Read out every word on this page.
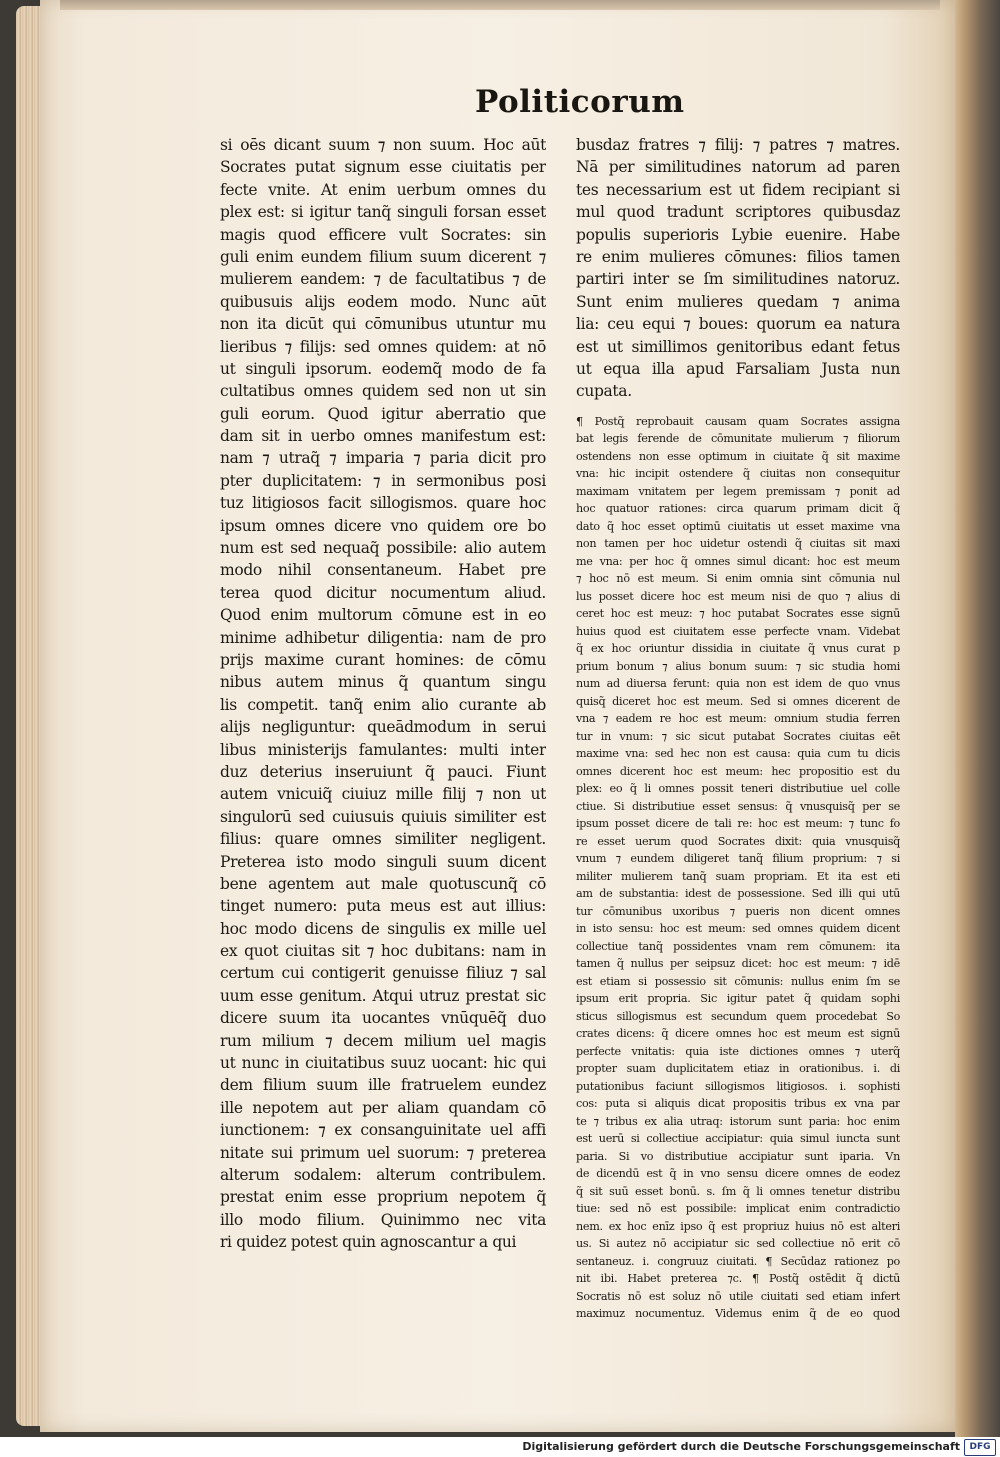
Politicorum
si oēs dicant suum ⁊ non suum. Hoc aūt
Socrates putat signum esse ciuitatis per
fecte vnite. At enim uerbum omnes du
plex est: si igitur tanq̃ singuli forsan esset
magis quod efficere vult Socrates: sin
guli enim eundem filium suum dicerent ⁊
mulierem eandem: ⁊ de facultatibus ⁊ de
quibusuis alijs eodem modo. Nunc aūt
non ita dicūt qui cōmunibus utuntur mu
lieribus ⁊ filijs: sed omnes quidem: at nō
ut singuli ipsorum. eodemq̃ modo de fa
cultatibus omnes quidem sed non ut sin
guli eorum. Quod igitur aberratio que
dam sit in uerbo omnes manifestum est:
nam ⁊ utraq̃ ⁊ imparia ⁊ paria dicit pro
pter duplicitatem: ⁊ in sermonibus posi
tuz litigiosos facit sillogismos. quare hoc
ipsum omnes dicere vno quidem ore bo
num est sed nequaq̃ possibile: alio autem
modo nihil consentaneum. Habet pre
terea quod dicitur nocumentum aliud.
Quod enim multorum cōmune est in eo
minime adhibetur diligentia: nam de pro
prijs maxime curant homines: de cōmu
nibus autem minus q̃ quantum singu
lis competit. tanq̃ enim alio curante ab
alijs negliguntur: queādmodum in serui
libus ministerijs famulantes: multi inter
duz deterius inseruiunt q̃ pauci. Fiunt
autem vnicuiq̃ ciuiuz mille filij ⁊ non ut
singulorū sed cuiusuis quiuis similiter est
filius: quare omnes similiter negligent.
Preterea isto modo singuli suum dicent
bene agentem aut male quotuscunq̃ cō
tinget numero: puta meus est aut illius:
hoc modo dicens de singulis ex mille uel
ex quot ciuitas sit ⁊ hoc dubitans: nam in
certum cui contigerit genuisse filiuz ⁊ sal
uum esse genitum. Atqui utruz prestat sic
dicere suum ita uocantes vnūquēq̃ duo
rum milium ⁊ decem milium uel magis
ut nunc in ciuitatibus suuz uocant: hic qui
dem filium suum ille fratruelem eundez
ille nepotem aut per aliam quandam cō
iunctionem: ⁊ ex consanguinitate uel affi
nitate sui primum uel suorum: ⁊ preterea
alterum sodalem: alterum contribulem.
prestat enim esse proprium nepotem q̃
illo modo filium. Quinimmo nec vita
ri quidez potest quin agnoscantur a qui
busdaz fratres ⁊ filij: ⁊ patres ⁊ matres.
Nā per similitudines natorum ad paren
tes necessarium est ut fidem recipiant si
mul quod tradunt scriptores quibusdaz
populis superioris Lybie euenire. Habe
re enim mulieres cōmunes: filios tamen
partiri inter se ſm similitudines natoruz.
Sunt enim mulieres quedam ⁊ anima
lia: ceu equi ⁊ boues: quorum ea natura
est ut simillimos genitoribus edant fetus
ut equa illa apud Farsaliam Justa nun
cupata.
¶ Postq̃ reprobauit causam quam Socrates assigna
bat legis ferende de cōmunitate mulierum ⁊ filiorum
ostendens non esse optimum in ciuitate q̃ sit maxime
vna: hic incipit ostendere q̃ ciuitas non consequitur
maximam vnitatem per legem premissam ⁊ ponit ad
hoc quatuor rationes: circa quarum primam dicit q̃
dato q̃ hoc esset optimū ciuitatis ut esset maxime vna
non tamen per hoc uidetur ostendi q̃ ciuitas sit maxi
me vna: per hoc q̃ omnes simul dicant: hoc est meum
⁊ hoc nō est meum. Si enim omnia sint cōmunia nul
lus posset dicere hoc est meum nisi de quo ⁊ alius di
ceret hoc est meuz: ⁊ hoc putabat Socrates esse signū
huius quod est ciuitatem esse perfecte vnam. Videbat
q̃ ex hoc oriuntur dissidia in ciuitate q̃ vnus curat p
prium bonum ⁊ alius bonum suum: ⁊ sic studia homi
num ad diuersa ferunt: quia non est idem de quo vnus
quisq̃ diceret hoc est meum. Sed si omnes dicerent de
vna ⁊ eadem re hoc est meum: omnium studia ferren
tur in vnum: ⁊ sic sicut putabat Socrates ciuitas eēt
maxime vna: sed hec non est causa: quia cum tu dicis
omnes dicerent hoc est meum: hec propositio est du
plex: eo q̃ li omnes possit teneri distributiue uel colle
ctiue. Si distributiue esset sensus: q̃ vnusquisq̃ per se
ipsum posset dicere de tali re: hoc est meum: ⁊ tunc fo
re esset uerum quod Socrates dixit: quia vnusquisq̃
vnum ⁊ eundem diligeret tanq̃ filium proprium: ⁊ si
militer mulierem tanq̃ suam propriam. Et ita est eti
am de substantia: idest de possessione. Sed illi qui utū
tur cōmunibus uxoribus ⁊ pueris non dicent omnes
in isto sensu: hoc est meum: sed omnes quidem dicent
collectiue tanq̃ possidentes vnam rem cōmunem: ita
tamen q̃ nullus per seipsuz dicet: hoc est meum: ⁊ idē
est etiam si possessio sit cōmunis: nullus enim ſm se
ipsum erit propria. Sic igitur patet q̃ quidam sophi
sticus sillogismus est secundum quem procedebat So
crates dicens: q̃ dicere omnes hoc est meum est signū
perfecte vnitatis: quia iste dictiones omnes ⁊ uterq̃
propter suam duplicitatem etiaz in orationibus. i. di
putationibus faciunt sillogismos litigiosos. i. sophisti
cos: puta si aliquis dicat propositis tribus ex vna par
te ⁊ tribus ex alia utraq: istorum sunt paria: hoc enim
est uerū si collectiue accipiatur: quia simul iuncta sunt
paria. Si vo distributiue accipiatur sunt iparia. Vn
de dicendū est q̃ in vno sensu dicere omnes de eodez
q̃ sit suū esset bonū. s. ſm q̃ li omnes tenetur distribu
tiue: sed nō est possibile: implicat enim contradictio
nem. ex hoc enīz ipso q̃ est propriuz huius nō est alteri
us. Si autez nō accipiatur sic sed collectiue nō erit cō
sentaneuz. i. congruuz ciuitati. ¶ Secūdaz rationez po
nit ibi. Habet preterea ⁊c. ¶ Postq̃ ostēdit q̃ dictū
Socratis nō est soluz nō utile ciuitati sed etiam infert
maximuz nocumentuz. Videmus enim q̃ de eo quod
Digitalisierung gefördert durch die Deutsche Forschungsgemeinschaft	DFG
